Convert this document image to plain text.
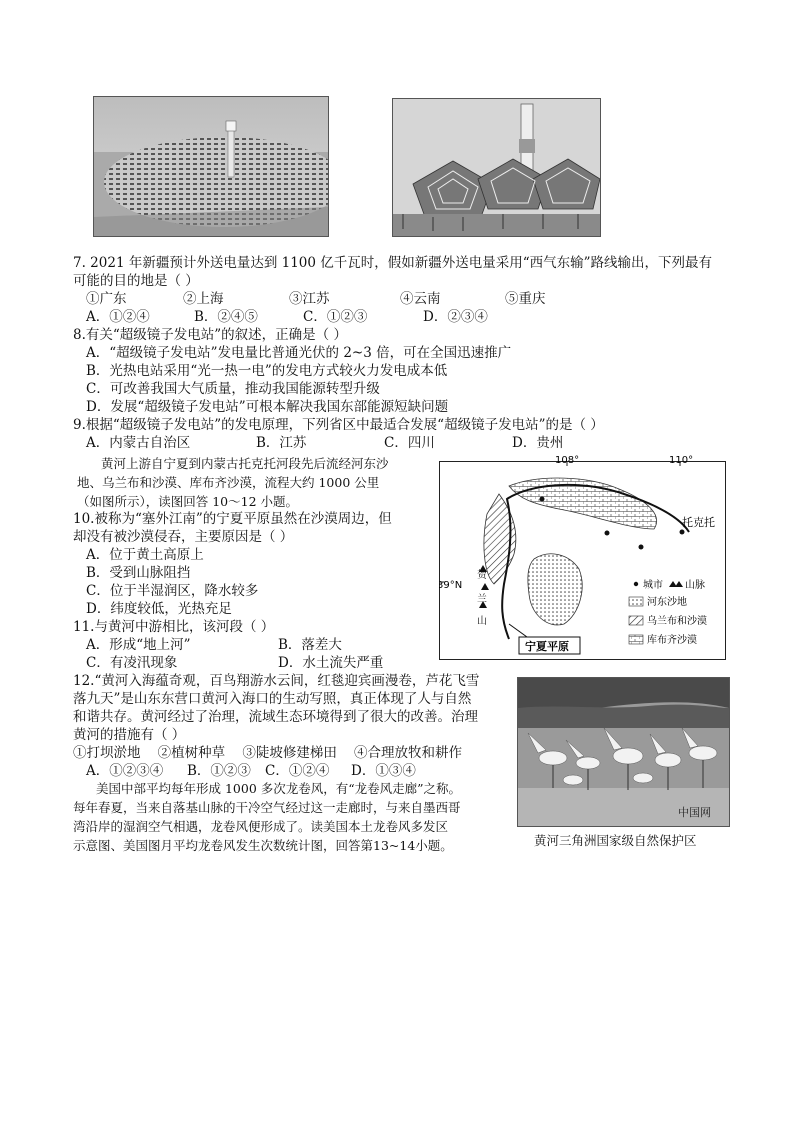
7. 2021 年新疆预计外送电量达到 1100 亿千瓦时，假如新疆外送电量采用“西气东输”路线输出，下列最有
可能的目的地是（ ）
①广东	②上海	③江苏	④云南	⑤重庆
A．①②④	B．②④⑤	C．①②③	D．②③④
8.有关“超级镜子发电站”的叙述，正确是（ ）
A．“超级镜子发电站”发电量比普通光伏的 2~3 倍，可在全国迅速推广
B．光热电站采用“光一热一电”的发电方式较火力发电成本低
C．可改善我国大气质量，推动我国能源转型升级
D．发展“超级镜子发电站”可根本解决我国东部能源短缺问题
9.根据“超级镜子发电站”的发电原理，下列省区中最适合发展“超级镜子发电站”的是（ ）
A．内蒙古自治区	B．江苏	C．四川	D．贵州
黄河上游自宁夏到内蒙古托克托河段先后流经河东沙
地、乌兰布和沙漠、库布齐沙漠，流程大约 1000 公里
（如图所示），读图回答 10～12 小题。
10.被称为“塞外江南”的宁夏平原虽然在沙漠周边，但
却没有被沙漠侵吞，主要原因是（ ）
A．位于黄土高原上
B．受到山脉阻挡
C．位于半湿润区，降水较多
D．纬度较低，光热充足
11.与黄河中游相比，该河段（ ）
A．形成“地上河”	B．落差大
C．有凌汛现象	D．水土流失严重
108°	110°
39°N
托克托
贺
兰
山
宁夏平原
城市 山脉
河东沙地
乌兰布和沙漠
库布齐沙漠
12.“黄河入海蕴奇观，百鸟翔游水云间，红毯迎宾画漫卷，芦花飞雪
落九天”是山东东营口黄河入海口的生动写照，真正体现了人与自然
和谐共存。黄河经过了治理，流域生态环境得到了很大的改善。治理
黄河的措施有（ ）
①打坝淤地    ②植树种草    ③陡坡修建梯田    ④合理放牧和耕作
A．①②③④ B．①②③ C．①②④ D．①③④
中国网
黄河三角洲国家级自然保护区
美国中部平均每年形成 1000 多次龙卷风，有“龙卷风走廊”之称。
每年春夏，当来自落基山脉的干冷空气经过这一走廊时，与来自墨西哥
湾沿岸的湿润空气相遇，龙卷风便形成了。读美国本土龙卷风多发区
示意图、美国图月平均龙卷风发生次数统计图，回答第13~14小题。
